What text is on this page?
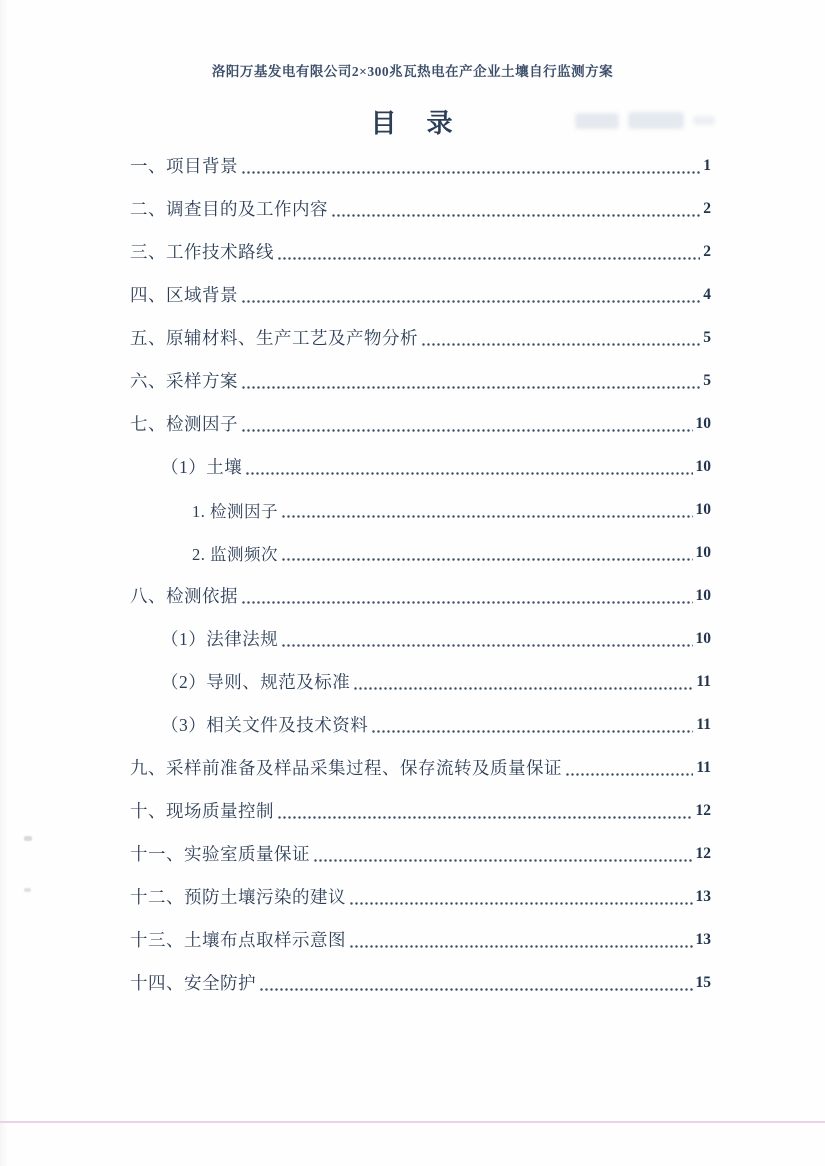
洛阳万基发电有限公司2×300兆瓦热电在产企业土壤自行监测方案
目　录
一、项目背景	1
二、调查目的及工作内容	2
三、工作技术路线	2
四、区域背景	4
五、原辅材料、生产工艺及产物分析	5
六、采样方案	5
七、检测因子	10
（1）土壤	10
1. 检测因子	10
2. 监测频次	10
八、检测依据	10
（1）法律法规	10
（2）导则、规范及标准	11
（3）相关文件及技术资料	11
九、采样前准备及样品采集过程、保存流转及质量保证	11
十、现场质量控制	12
十一、实验室质量保证	12
十二、预防土壤污染的建议	13
十三、土壤布点取样示意图	13
十四、安全防护	15
